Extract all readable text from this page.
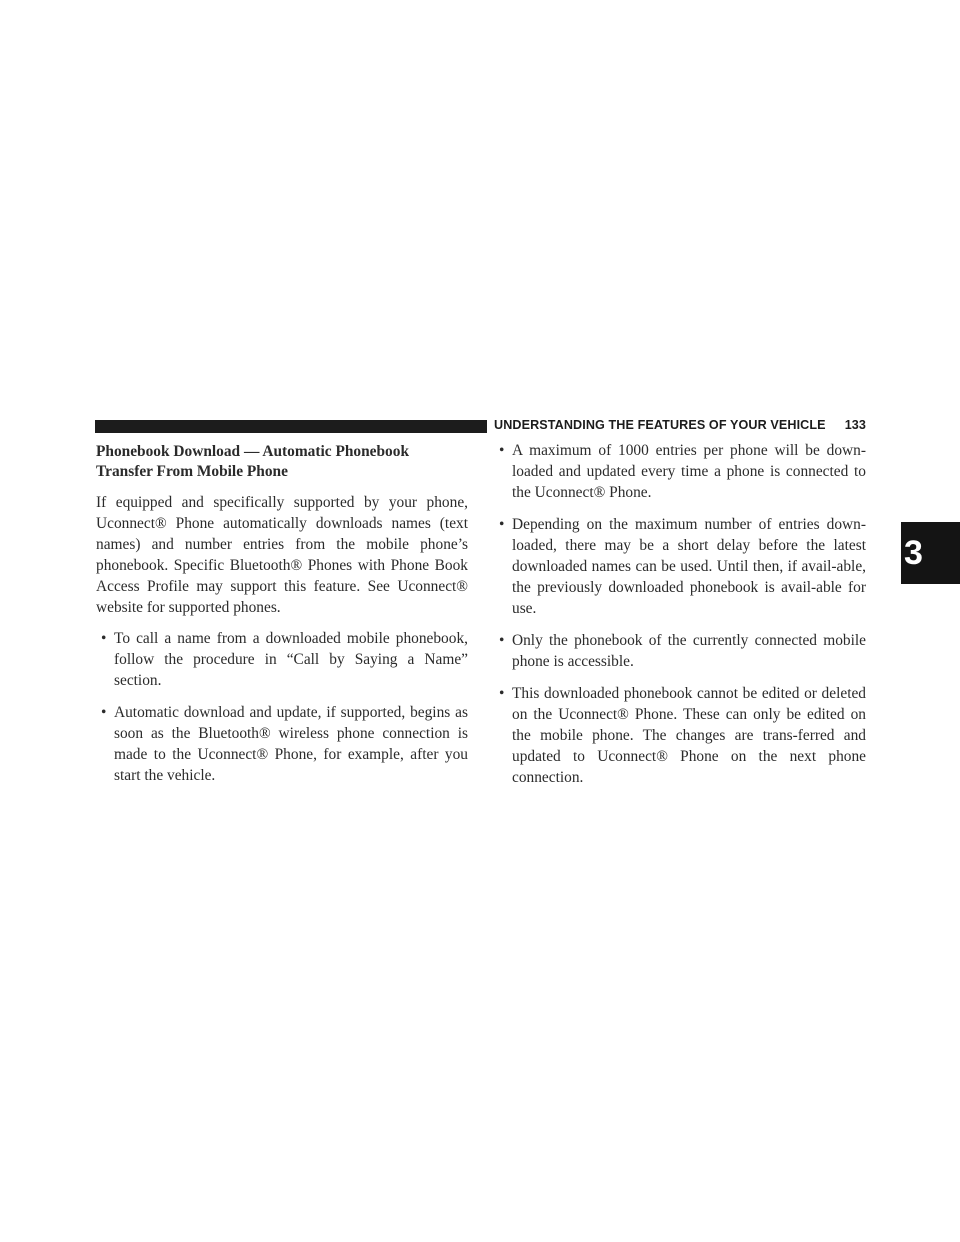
UNDERSTANDING THE FEATURES OF YOUR VEHICLE 133
3
Phonebook Download — Automatic Phonebook Transfer From Mobile Phone

If equipped and specifically supported by your phone, Uconnect® Phone automatically downloads names (text names) and number entries from the mobile phone’s phonebook. Specific Bluetooth® Phones with Phone Book Access Profile may support this feature. See Uconnect® website for supported phones.

• To call a name from a downloaded mobile phonebook, follow the procedure in “Call by Saying a Name” section.
• Automatic download and update, if supported, begins as soon as the Bluetooth® wireless phone connection is made to the Uconnect® Phone, for example, after you start the vehicle.
• A maximum of 1000 entries per phone will be down-loaded and updated every time a phone is connected to the Uconnect® Phone.
• Depending on the maximum number of entries down-loaded, there may be a short delay before the latest downloaded names can be used. Until then, if avail-able, the previously downloaded phonebook is avail-able for use.
• Only the phonebook of the currently connected mobile phone is accessible.
• This downloaded phonebook cannot be edited or deleted on the Uconnect® Phone. These can only be edited on the mobile phone. The changes are trans-ferred and updated to Uconnect® Phone on the next phone connection.
